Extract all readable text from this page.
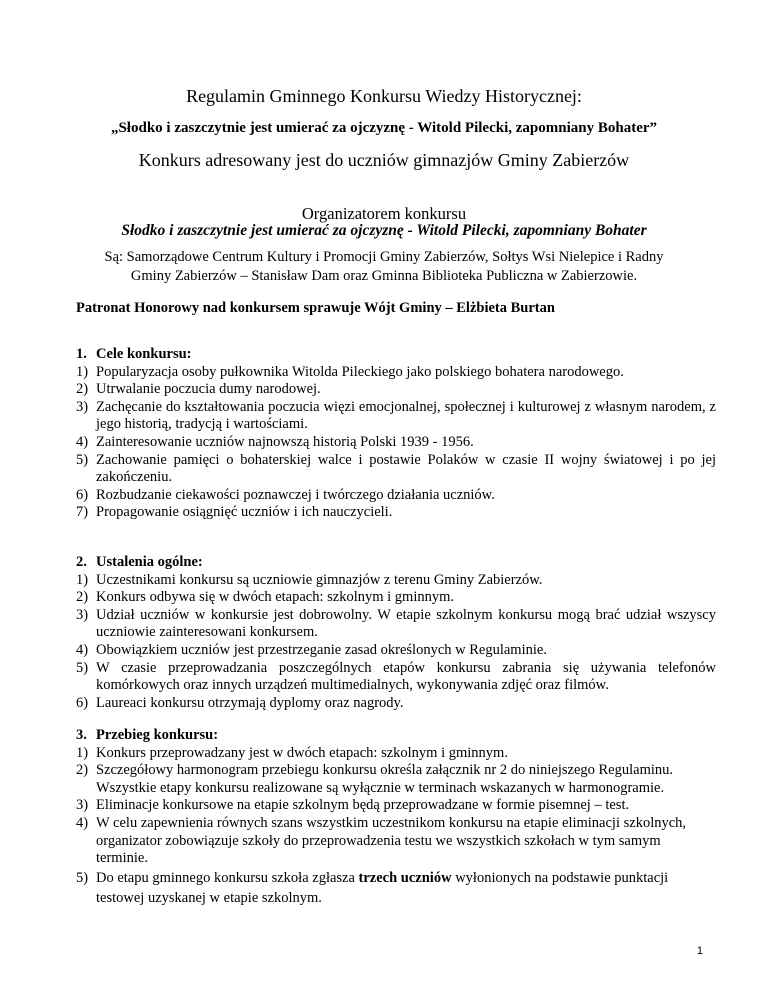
Regulamin Gminnego Konkursu Wiedzy Historycznej:
„Słodko i zaszczytnie jest umierać za ojczyznę - Witold Pilecki, zapomniany Bohater”
Konkurs adresowany jest do uczniów gimnazjów Gminy Zabierzów
Organizatorem konkursu
Słodko i zaszczytnie jest umierać za ojczyznę - Witold Pilecki, zapomniany Bohater
Są: Samorządowe Centrum Kultury i Promocji Gminy Zabierzów, Sołtys Wsi Nielepice i Radny
Gminy Zabierzów – Stanisław Dam oraz Gminna Biblioteka Publiczna w Zabierzowie.
Patronat Honorowy nad konkursem sprawuje Wójt Gminy – Elżbieta Burtan
1. Cele konkursu:
1) Popularyzacja osoby pułkownika Witolda Pileckiego jako polskiego bohatera narodowego.
2) Utrwalanie poczucia dumy narodowej.
3) Zachęcanie do kształtowania poczucia więzi emocjonalnej, społecznej i kulturowej z własnym narodem, z jego historią, tradycją i wartościami.
4) Zainteresowanie uczniów najnowszą historią Polski 1939 - 1956.
5) Zachowanie pamięci o bohaterskiej walce i postawie Polaków w czasie II wojny światowej i po jej zakończeniu.
6) Rozbudzanie ciekawości poznawczej i twórczego działania uczniów.
7) Propagowanie osiągnięć uczniów i ich nauczycieli.
2. Ustalenia ogólne:
1) Uczestnikami konkursu są uczniowie gimnazjów z terenu Gminy Zabierzów.
2) Konkurs odbywa się w dwóch etapach: szkolnym i gminnym.
3) Udział uczniów w konkursie jest dobrowolny. W etapie szkolnym konkursu mogą brać udział wszyscy uczniowie zainteresowani konkursem.
4) Obowiązkiem uczniów jest przestrzeganie zasad określonych w Regulaminie.
5) W czasie przeprowadzania poszczególnych etapów konkursu zabrania się używania telefonów komórkowych oraz innych urządzeń multimedialnych, wykonywania zdjęć oraz filmów.
6) Laureaci konkursu otrzymają dyplomy oraz nagrody.
3. Przebieg konkursu:
1) Konkurs przeprowadzany jest w dwóch etapach: szkolnym i gminnym.
2) Szczegółowy harmonogram przebiegu konkursu określa załącznik nr 2 do niniejszego Regulaminu. Wszystkie etapy konkursu realizowane są wyłącznie w terminach wskazanych w harmonogramie.
3) Eliminacje konkursowe na etapie szkolnym będą przeprowadzane w formie pisemnej – test.
4) W celu zapewnienia równych szans wszystkim uczestnikom konkursu na etapie eliminacji szkolnych, organizator zobowiązuje szkoły do przeprowadzenia testu we wszystkich szkołach w tym samym terminie.
5) Do etapu gminnego konkursu szkoła zgłasza trzech uczniów wyłonionych na podstawie punktacji testowej uzyskanej w etapie szkolnym.
1
